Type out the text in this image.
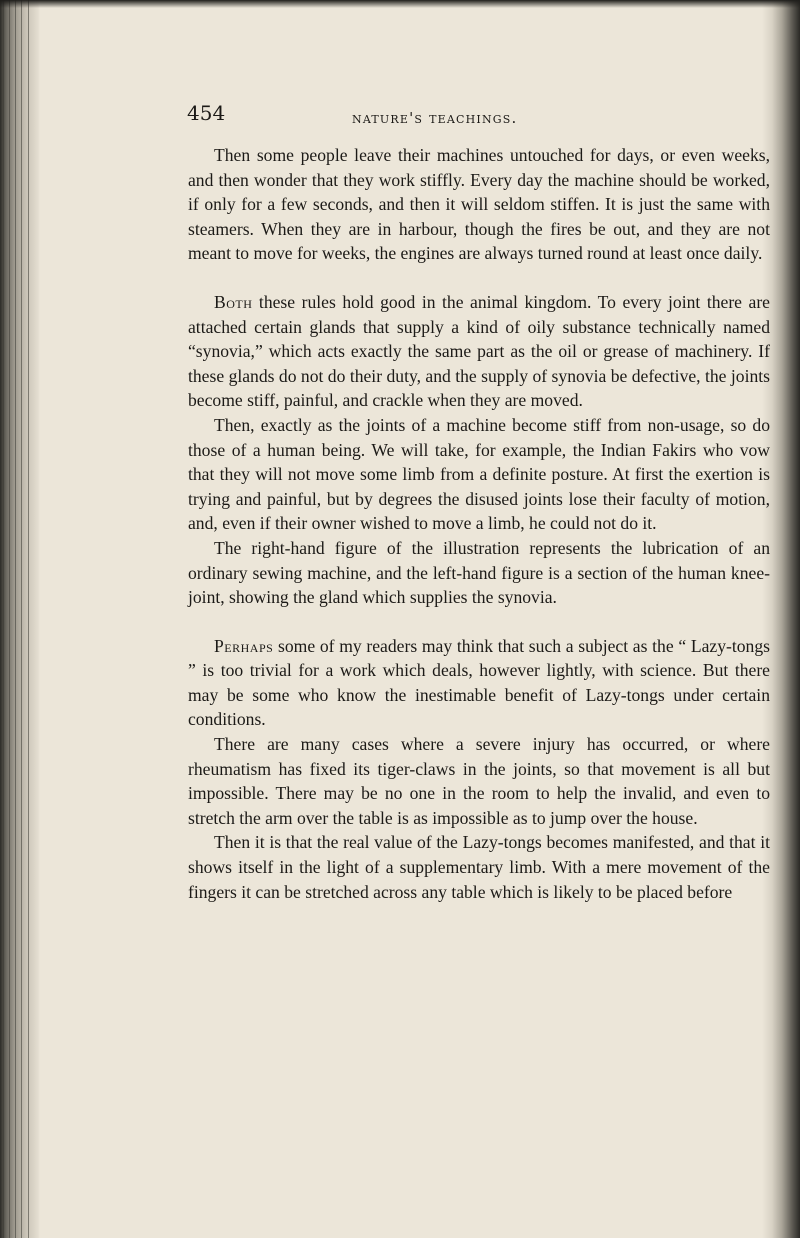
454	nature's teachings.

Then some people leave their machines untouched for days, or even weeks, and then wonder that they work stiffly. Every day the machine should be worked, if only for a few seconds, and then it will seldom stiffen. It is just the same with steamers. When they are in harbour, though the fires be out, and they are not meant to move for weeks, the engines are always turned round at least once daily.

Both these rules hold good in the animal kingdom. To every joint there are attached certain glands that supply a kind of oily substance technically named “synovia,” which acts exactly the same part as the oil or grease of machinery. If these glands do not do their duty, and the supply of synovia be defective, the joints become stiff, painful, and crackle when they are moved.

Then, exactly as the joints of a machine become stiff from non-usage, so do those of a human being. We will take, for example, the Indian Fakirs who vow that they will not move some limb from a definite posture. At first the exertion is trying and painful, but by degrees the disused joints lose their faculty of motion, and, even if their owner wished to move a limb, he could not do it.

The right-hand figure of the illustration represents the lubrication of an ordinary sewing machine, and the left-hand figure is a section of the human knee-joint, showing the gland which supplies the synovia.

Perhaps some of my readers may think that such a subject as the “ Lazy-tongs ” is too trivial for a work which deals, however lightly, with science. But there may be some who know the inestimable benefit of Lazy-tongs under certain conditions.

There are many cases where a severe injury has occurred, or where rheumatism has fixed its tiger-claws in the joints, so that movement is all but impossible. There may be no one in the room to help the invalid, and even to stretch the arm over the table is as impossible as to jump over the house.

Then it is that the real value of the Lazy-tongs becomes manifested, and that it shows itself in the light of a supplementary limb. With a mere movement of the fingers it can be stretched across any table which is likely to be placed before
